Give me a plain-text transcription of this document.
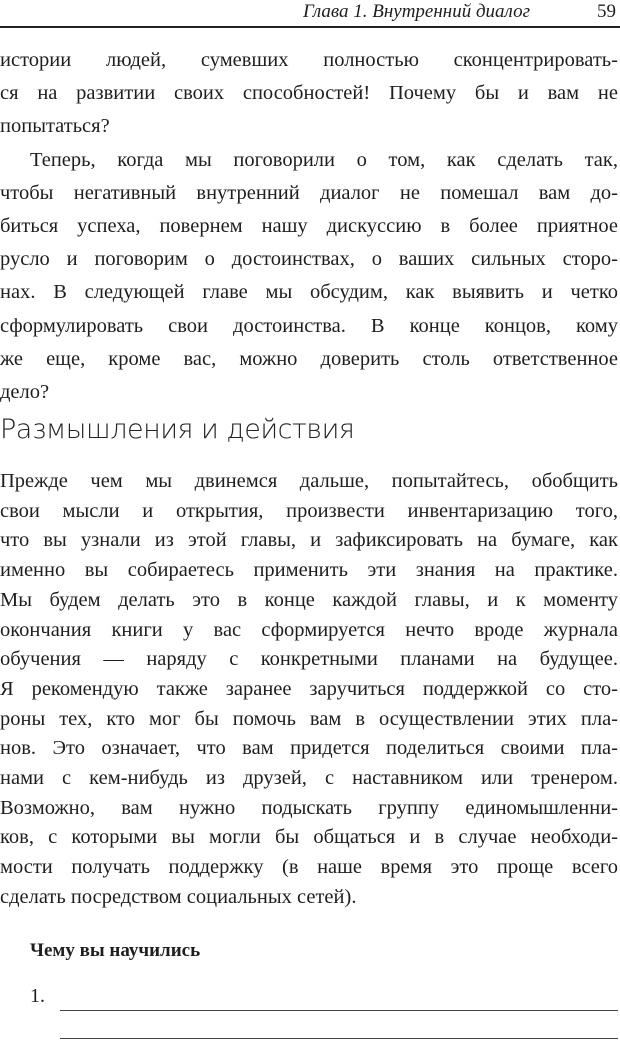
Глава 1. Внутренний диалог	59
истории людей, сумевших полностью сконцентрировать-
ся на развитии своих способностей! Почему бы и вам не
попытаться?
Теперь, когда мы поговорили о том, как сделать так,
чтобы негативный внутренний диалог не помешал вам до-
биться успеха, повернем нашу дискуссию в более приятное
русло и поговорим о достоинствах, о ваших сильных сторо-
нах. В следующей главе мы обсудим, как выявить и четко
сформулировать свои достоинства. В конце концов, кому
же еще, кроме вас, можно доверить столь ответственное
дело?
Размышления и действия
Прежде чем мы двинемся дальше, попытайтесь, обобщить
свои мысли и открытия, произвести инвентаризацию того,
что вы узнали из этой главы, и зафиксировать на бумаге, как
именно вы собираетесь применить эти знания на практике.
Мы будем делать это в конце каждой главы, и к моменту
окончания книги у вас сформируется нечто вроде журнала
обучения — наряду с конкретными планами на будущее.
Я рекомендую также заранее заручиться поддержкой со сто-
роны тех, кто мог бы помочь вам в осуществлении этих пла-
нов. Это означает, что вам придется поделиться своими пла-
нами с кем-нибудь из друзей, с наставником или тренером.
Возможно, вам нужно подыскать группу единомышленни-
ков, с которыми вы могли бы общаться и в случае необходи-
мости получать поддержку (в наше время это проще всего
сделать посредством социальных сетей).
Чему вы научились
1.
